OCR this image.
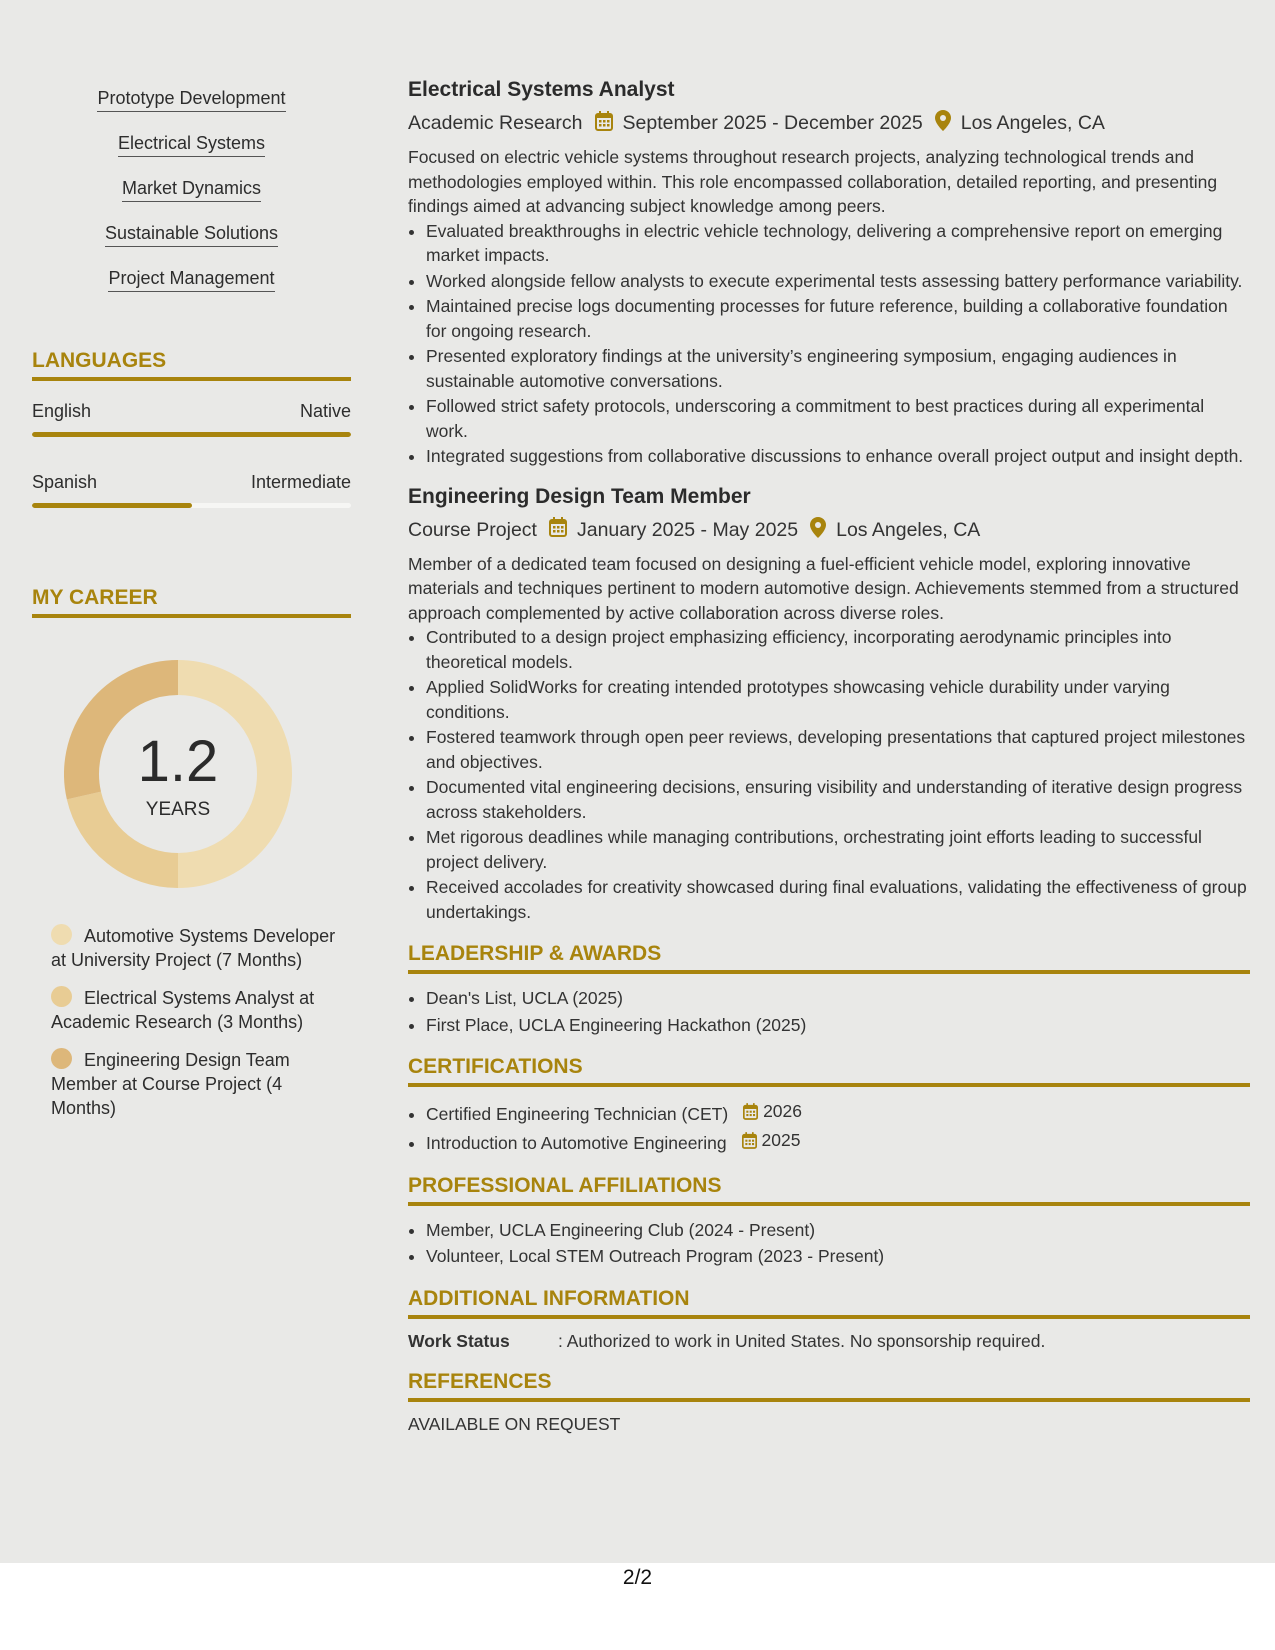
Prototype Development
Electrical Systems
Market Dynamics
Sustainable Solutions
Project Management
LANGUAGES
English	Native
Spanish	Intermediate
MY CAREER
1.2
YEARS
Automotive Systems Developer at University Project (7 Months)
Electrical Systems Analyst at Academic Research (3 Months)
Engineering Design Team Member at Course Project (4 Months)
Electrical Systems Analyst
Academic Research September 2025 - December 2025 Los Angeles, CA

Focused on electric vehicle systems throughout research projects, analyzing technological trends and methodologies employed within. This role encompassed collaboration, detailed reporting, and presenting findings aimed at advancing subject knowledge among peers.

• Evaluated breakthroughs in electric vehicle technology, delivering a comprehensive report on emerging market impacts.
• Worked alongside fellow analysts to execute experimental tests assessing battery performance variability.
• Maintained precise logs documenting processes for future reference, building a collaborative foundation for ongoing research.
• Presented exploratory findings at the university’s engineering symposium, engaging audiences in sustainable automotive conversations.
• Followed strict safety protocols, underscoring a commitment to best practices during all experimental work.
• Integrated suggestions from collaborative discussions to enhance overall project output and insight depth.
Engineering Design Team Member
Course Project January 2025 - May 2025 Los Angeles, CA

Member of a dedicated team focused on designing a fuel-efficient vehicle model, exploring innovative materials and techniques pertinent to modern automotive design. Achievements stemmed from a structured approach complemented by active collaboration across diverse roles.

• Contributed to a design project emphasizing efficiency, incorporating aerodynamic principles into theoretical models.
• Applied SolidWorks for creating intended prototypes showcasing vehicle durability under varying conditions.
• Fostered teamwork through open peer reviews, developing presentations that captured project milestones and objectives.
• Documented vital engineering decisions, ensuring visibility and understanding of iterative design progress across stakeholders.
• Met rigorous deadlines while managing contributions, orchestrating joint efforts leading to successful project delivery.
• Received accolades for creativity showcased during final evaluations, validating the effectiveness of group undertakings.
LEADERSHIP & AWARDS
• Dean's List, UCLA (2025)
• First Place, UCLA Engineering Hackathon (2025)
CERTIFICATIONS
• Certified Engineering Technician (CET) 2026
• Introduction to Automotive Engineering 2025
PROFESSIONAL AFFILIATIONS
• Member, UCLA Engineering Club (2024 - Present)
• Volunteer, Local STEM Outreach Program (2023 - Present)
ADDITIONAL INFORMATION
Work Status	: Authorized to work in United States. No sponsorship required.
REFERENCES
AVAILABLE ON REQUEST
2/2
